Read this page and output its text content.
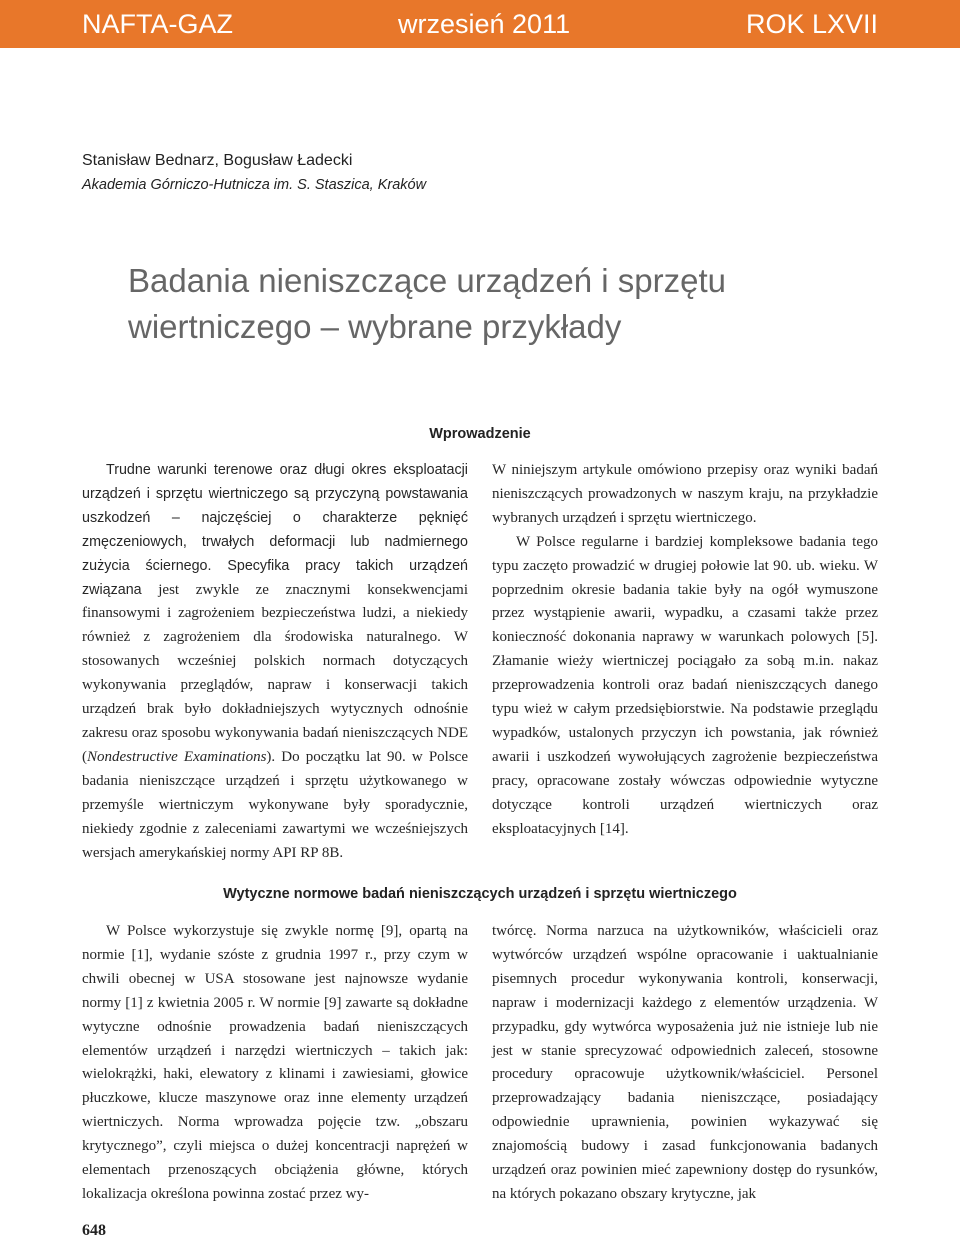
NAFTA-GAZ	wrzesień 2011	ROK LXVII
Stanisław Bednarz, Bogusław Ładecki
Akademia Górniczo-Hutnicza im. S. Staszica, Kraków
Badania nieniszczące urządzeń i sprzętu
wiertniczego – wybrane przykłady
Wprowadzenie

Trudne warunki terenowe oraz długi okres eksploatacji urządzeń i sprzętu wiertniczego są przyczyną powstawania uszkodzeń – najczęściej o charakterze pęknięć zmęczeniowych, trwałych deformacji lub nadmiernego zużycia ściernego. Specyfika pracy takich urządzeń związana jest zwykle ze znacznymi konsekwencjami finansowymi i zagrożeniem bezpieczeństwa ludzi, a niekiedy również z zagrożeniem dla środowiska naturalnego. W stosowanych wcześniej polskich normach dotyczących wykonywania przeglądów, napraw i konserwacji takich urządzeń brak było dokładniejszych wytycznych odnośnie zakresu oraz sposobu wykonywania badań nieniszczących NDE (Nondestructive Examinations). Do początku lat 90. w Polsce badania nieniszczące urządzeń i sprzętu użytkowanego w przemyśle wiertniczym wykonywane były sporadycznie, niekiedy zgodnie z zaleceniami zawartymi we wcześniejszych wersjach amerykańskiej normy API RP 8B.

W niniejszym artykule omówiono przepisy oraz wyniki badań nieniszczących prowadzonych w naszym kraju, na przykładzie wybranych urządzeń i sprzętu wiertniczego.

W Polsce regularne i bardziej kompleksowe badania tego typu zaczęto prowadzić w drugiej połowie lat 90. ub. wieku. W poprzednim okresie badania takie były na ogół wymuszone przez wystąpienie awarii, wypadku, a czasami także przez konieczność dokonania naprawy w warunkach polowych [5]. Złamanie wieży wiertniczej pociągało za sobą m.in. nakaz przeprowadzenia kontroli oraz badań nieniszczących danego typu wież w całym przedsiębiorstwie. Na podstawie przeglądu wypadków, ustalonych przyczyn ich powstania, jak również awarii i uszkodzeń wywołujących zagrożenie bezpieczeństwa pracy, opracowane zostały wówczas odpowiednie wytyczne dotyczące kontroli urządzeń wiertniczych oraz eksploatacyjnych [14].

Wytyczne normowe badań nieniszczących urządzeń i sprzętu wiertniczego

W Polsce wykorzystuje się zwykle normę [9], opartą na normie [1], wydanie szóste z grudnia 1997 r., przy czym w chwili obecnej w USA stosowane jest najnowsze wydanie normy [1] z kwietnia 2005 r. W normie [9] zawarte są dokładne wytyczne odnośnie prowadzenia badań nieniszczących elementów urządzeń i narzędzi wiertniczych – takich jak: wielokrążki, haki, elewatory z klinami i zawiesiami, głowice płuczkowe, klucze maszynowe oraz inne elementy urządzeń wiertniczych. Norma wprowadza pojęcie tzw. „obszaru krytycznego”, czyli miejsca o dużej koncentracji naprężeń w elementach przenoszących obciążenia główne, których lokalizacja określona powinna zostać przez wy-

twórcę. Norma narzuca na użytkowników, właścicieli oraz wytwórców urządzeń wspólne opracowanie i uaktualnianie pisemnych procedur wykonywania kontroli, konserwacji, napraw i modernizacji każdego z elementów urządzenia. W przypadku, gdy wytwórca wyposażenia już nie istnieje lub nie jest w stanie sprecyzować odpowiednich zaleceń, stosowne procedury opracowuje użytkownik/właściciel. Personel przeprowadzający badania nieniszczące, posiadający odpowiednie uprawnienia, powinien wykazywać się znajomością budowy i zasad funkcjonowania badanych urządzeń oraz powinien mieć zapewniony dostęp do rysunków, na których pokazano obszary krytyczne, jak

648
